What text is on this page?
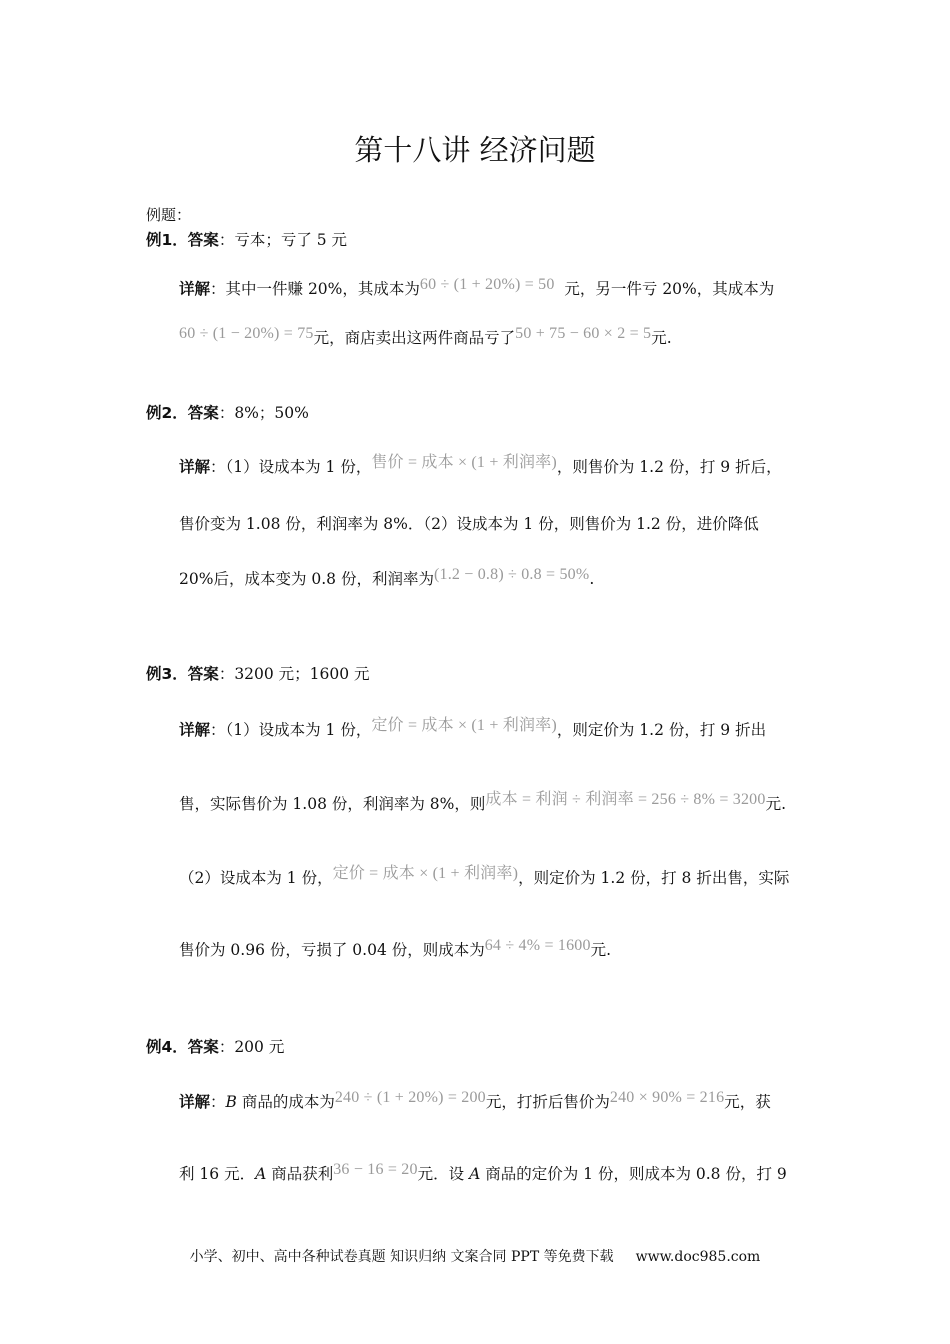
第十八讲 经济问题
例题：
例1．答案：亏本；亏了 5 元
详解：其中一件赚 20%，其成本为60 ÷ (1 + 20%) = 50 元，另一件亏 20%，其成本为
60 ÷ (1 − 20%) = 75元，商店卖出这两件商品亏了50 + 75 − 60 × 2 = 5元.
例2．答案：8%；50%
详解：（1）设成本为 1 份，售价 = 成本 × (1 + 利润率)，则售价为 1.2 份，打 9 折后，
售价变为 1.08 份，利润率为 8%．（2）设成本为 1 份，则售价为 1.2 份，进价降低
20%后，成本变为 0.8 份，利润率为(1.2 − 0.8) ÷ 0.8 = 50%.
例3．答案：3200 元；1600 元
详解：（1）设成本为 1 份，定价 = 成本 × (1 + 利润率)，则定价为 1.2 份，打 9 折出
售，实际售价为 1.08 份，利润率为 8%，则成本 = 利润 ÷ 利润率 = 256 ÷ 8% = 3200元.
（2）设成本为 1 份，定价 = 成本 × (1 + 利润率)，则定价为 1.2 份，打 8 折出售，实际
售价为 0.96 份，亏损了 0.04 份，则成本为64 ÷ 4% = 1600元.
例4．答案：200 元
详解：B 商品的成本为240 ÷ (1 + 20%) = 200元，打折后售价为240 × 90% = 216元，获
利 16 元．A 商品获利36 − 16 = 20元．设 A 商品的定价为 1 份，则成本为 0.8 份，打 9
小学、初中、高中各种试卷真题 知识归纳 文案合同 PPT 等免费下载 www.doc985.com
